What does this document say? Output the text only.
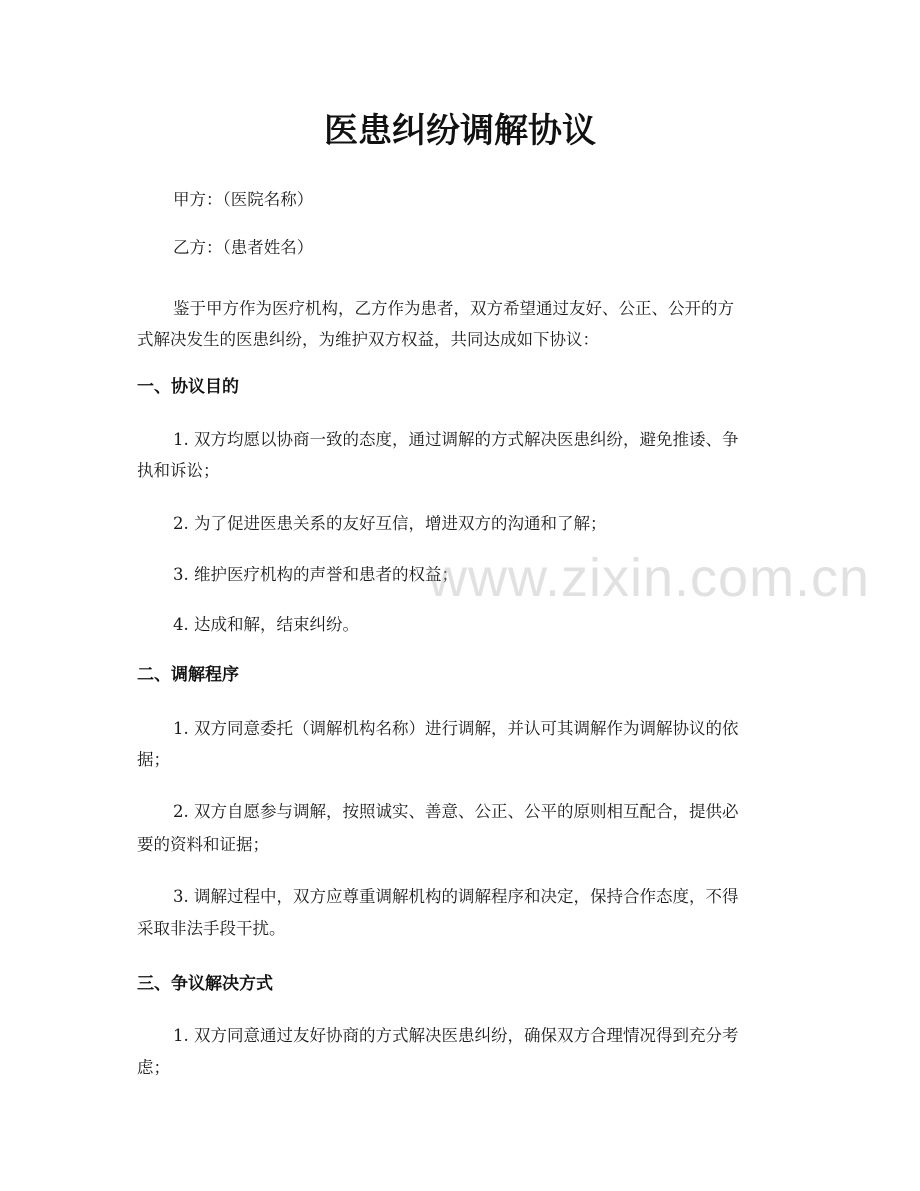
医患纠纷调解协议
甲方：（医院名称）
乙方：（患者姓名）
鉴于甲方作为医疗机构，乙方作为患者，双方希望通过友好、公正、公开的方
式解决发生的医患纠纷，为维护双方权益，共同达成如下协议：
一、协议目的
1. 双方均愿以协商一致的态度，通过调解的方式解决医患纠纷，避免推诿、争
执和诉讼；
2. 为了促进医患关系的友好互信，增进双方的沟通和了解；
3. 维护医疗机构的声誉和患者的权益；
4. 达成和解，结束纠纷。
二、调解程序
1. 双方同意委托（调解机构名称）进行调解，并认可其调解作为调解协议的依
据；
2. 双方自愿参与调解，按照诚实、善意、公正、公平的原则相互配合，提供必
要的资料和证据；
3. 调解过程中，双方应尊重调解机构的调解程序和决定，保持合作态度，不得
采取非法手段干扰。
三、争议解决方式
1. 双方同意通过友好协商的方式解决医患纠纷，确保双方合理情况得到充分考
虑；
www.zixin.com.cn
